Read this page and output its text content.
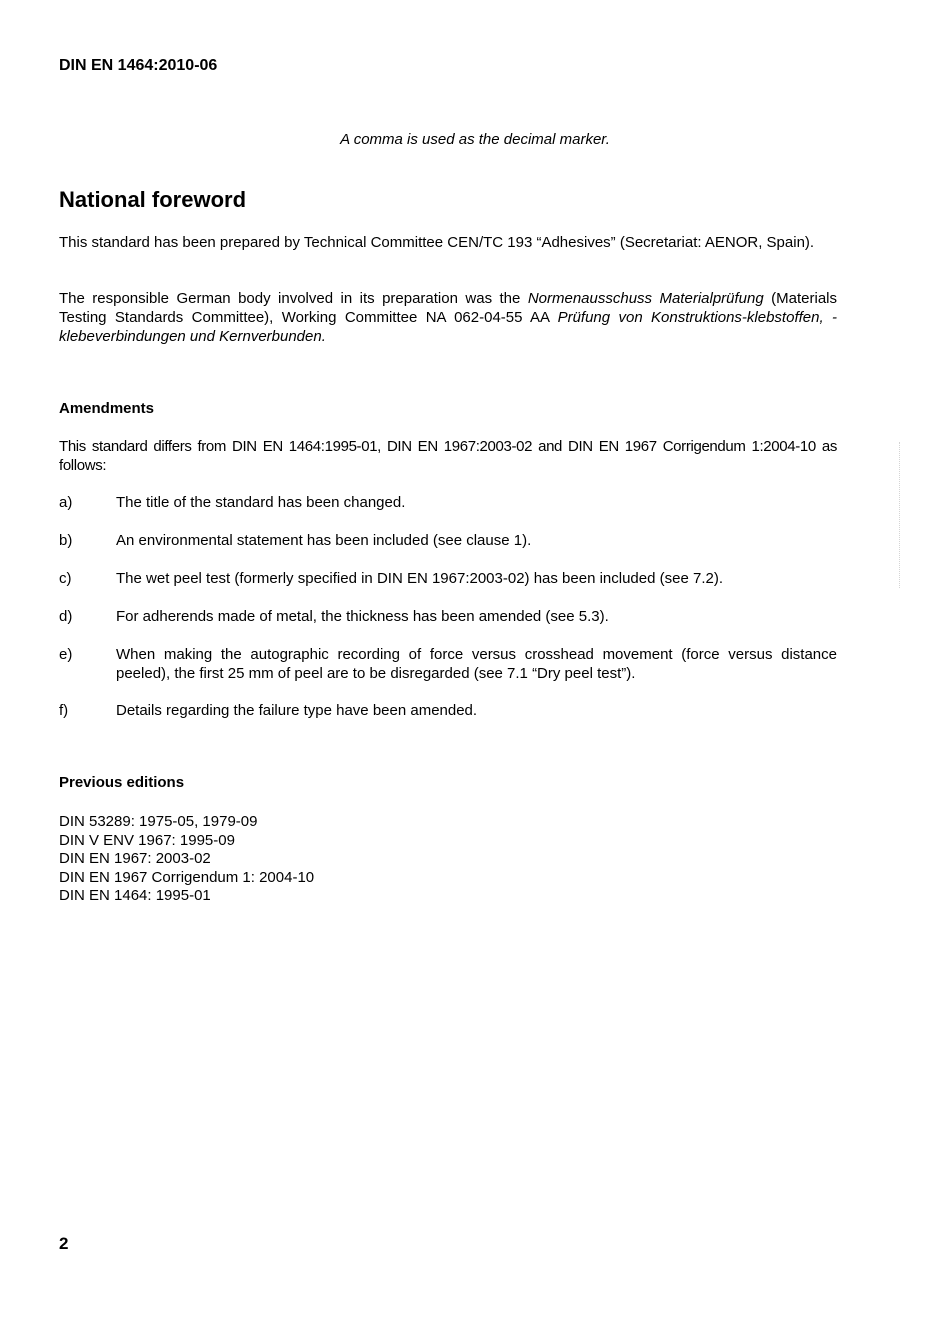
DIN EN 1464:2010-06
A comma is used as the decimal marker.
National foreword
This standard has been prepared by Technical Committee CEN/TC 193 “Adhesives” (Secretariat: AENOR, Spain).
The responsible German body involved in its preparation was the Normenausschuss Materialprüfung (Materials Testing Standards Committee), Working Committee NA 062-04-55 AA Prüfung von Konstruktions-klebstoffen, -klebeverbindungen und Kernverbunden.
Amendments
This standard differs from DIN EN 1464:1995-01, DIN EN 1967:2003-02 and DIN EN 1967 Corrigendum 1:2004-10 as follows:
a)	The title of the standard has been changed.
b)	An environmental statement has been included (see clause 1).
c)	The wet peel test (formerly specified in DIN EN 1967:2003-02) has been included (see 7.2).
d)	For adherends made of metal, the thickness has been amended (see 5.3).
e)	When making the autographic recording of force versus crosshead movement (force versus distance peeled), the first 25 mm of peel are to be disregarded (see 7.1 “Dry peel test”).
f)	Details regarding the failure type have been amended.
Previous editions
DIN 53289: 1975-05, 1979-09
DIN V ENV 1967: 1995-09
DIN EN 1967: 2003-02
DIN EN 1967 Corrigendum 1: 2004-10
DIN EN 1464: 1995-01
2
